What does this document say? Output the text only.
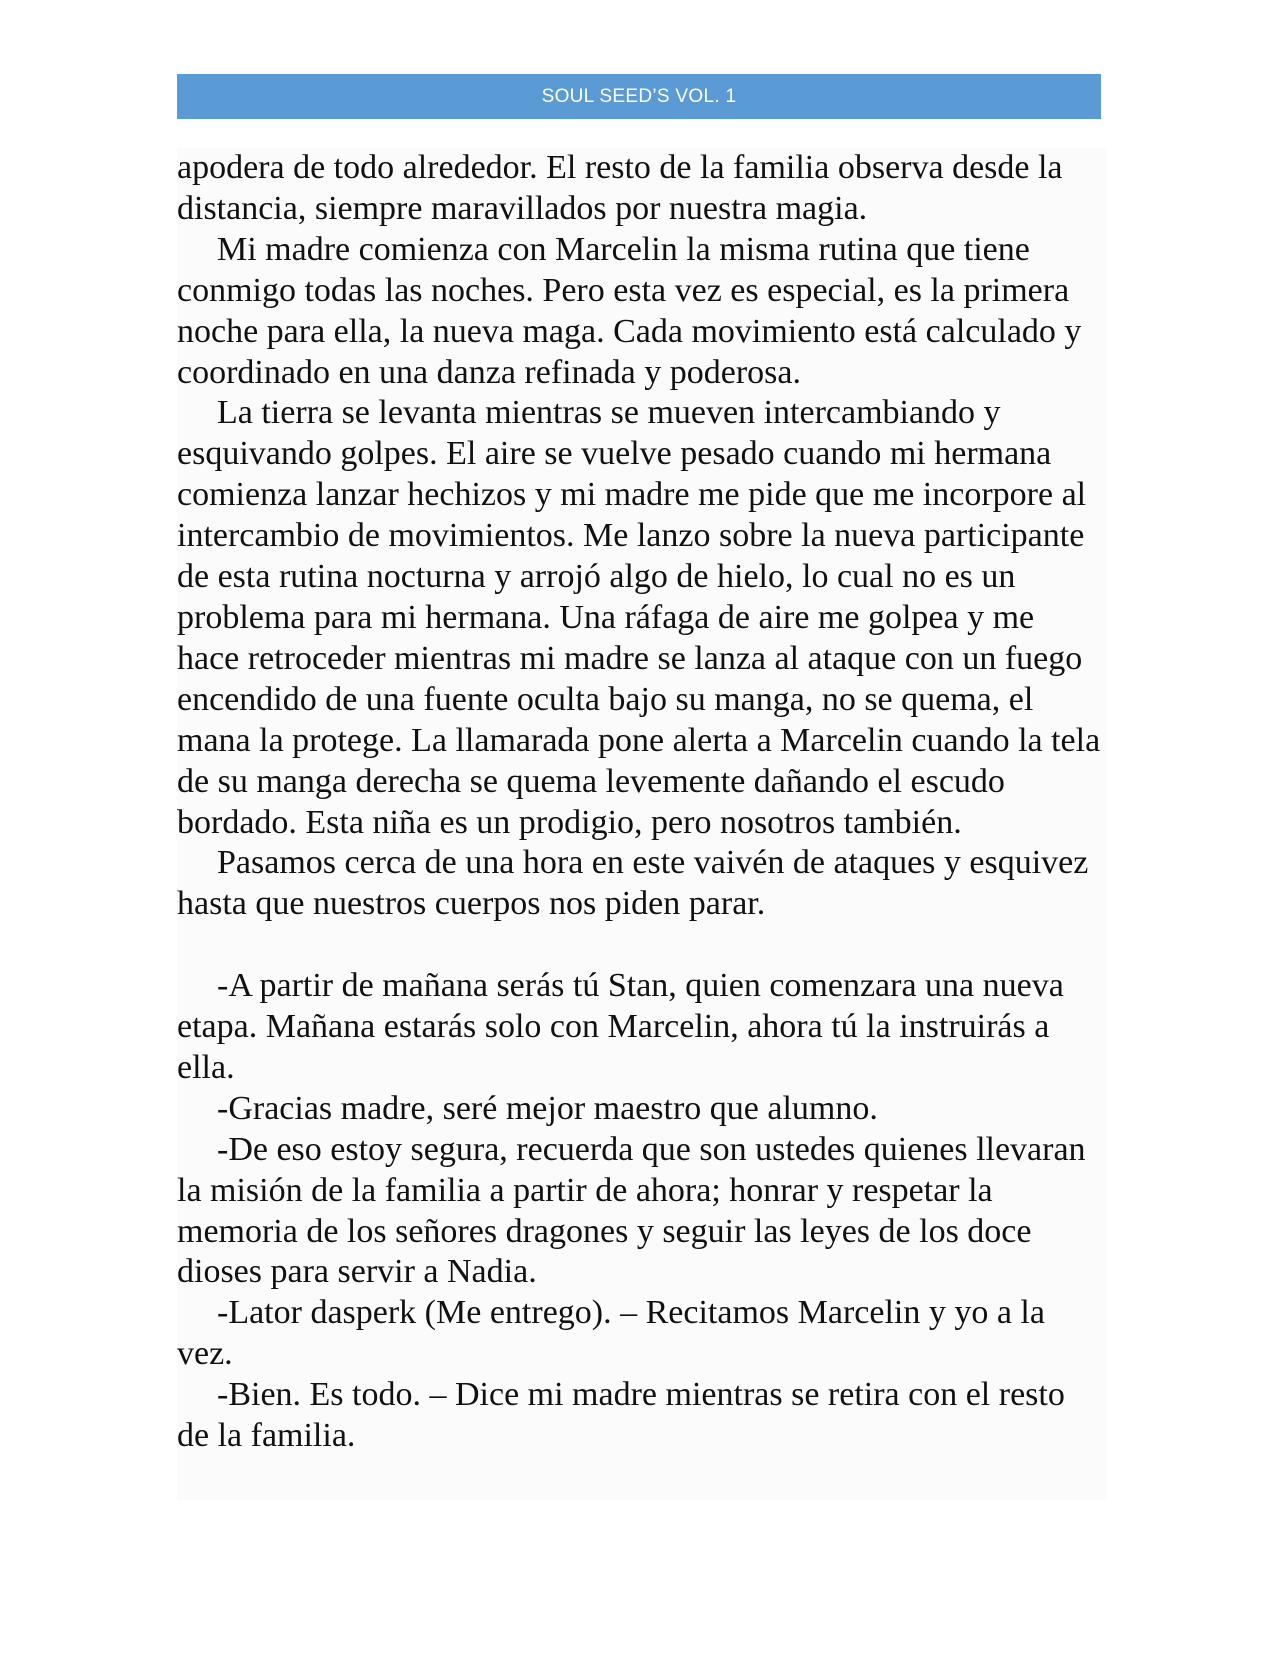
SOUL SEED’S VOL. 1

apodera de todo alrededor. El resto de la familia observa desde la distancia, siempre maravillados por nuestra magia.

Mi madre comienza con Marcelin la misma rutina que tiene conmigo todas las noches. Pero esta vez es especial, es la primera noche para ella, la nueva maga. Cada movimiento está calculado y coordinado en una danza refinada y poderosa.

La tierra se levanta mientras se mueven intercambiando y esquivando golpes. El aire se vuelve pesado cuando mi hermana comienza lanzar hechizos y mi madre me pide que me incorpore al intercambio de movimientos. Me lanzo sobre la nueva participante de esta rutina nocturna y arrojó algo de hielo, lo cual no es un problema para mi hermana. Una ráfaga de aire me golpea y me hace retroceder mientras mi madre se lanza al ataque con un fuego encendido de una fuente oculta bajo su manga, no se quema, el mana la protege. La llamarada pone alerta a Marcelin cuando la tela de su manga derecha se quema levemente dañando el escudo bordado. Esta niña es un prodigio, pero nosotros también.

Pasamos cerca de una hora en este vaivén de ataques y esquivez hasta que nuestros cuerpos nos piden parar.

-A partir de mañana serás tú Stan, quien comenzara una nueva etapa. Mañana estarás solo con Marcelin, ahora tú la instruirás a ella.

-Gracias madre, seré mejor maestro que alumno.

-De eso estoy segura, recuerda que son ustedes quienes llevaran la misión de la familia a partir de ahora; honrar y respetar la memoria de los señores dragones y seguir las leyes de los doce dioses para servir a Nadia.

-Lator dasperk (Me entrego). – Recitamos Marcelin y yo a la vez.

-Bien. Es todo. – Dice mi madre mientras se retira con el resto de la familia.
